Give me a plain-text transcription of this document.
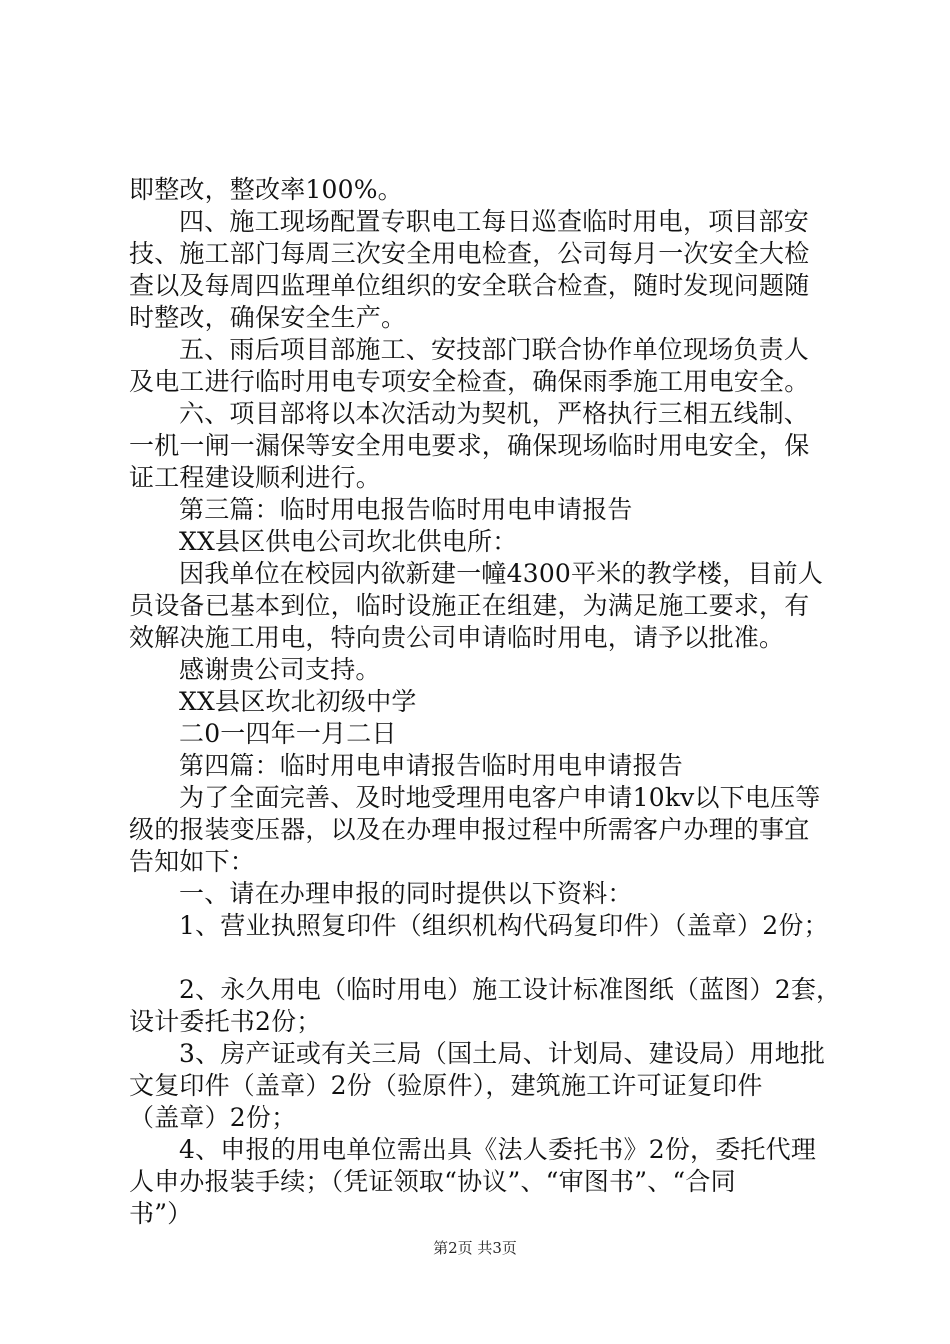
即整改，整改率100%。
四、施工现场配置专职电工每日巡查临时用电，项目部安
技、施工部门每周三次安全用电检查，公司每月一次安全大检
查以及每周四监理单位组织的安全联合检查，随时发现问题随
时整改，确保安全生产。
五、雨后项目部施工、安技部门联合协作单位现场负责人
及电工进行临时用电专项安全检查，确保雨季施工用电安全。
六、项目部将以本次活动为契机，严格执行三相五线制、
一机一闸一漏保等安全用电要求，确保现场临时用电安全，保
证工程建设顺利进行。
第三篇：临时用电报告临时用电申请报告
XX县区供电公司坎北供电所：
因我单位在校园内欲新建一幢4300平米的教学楼，目前人
员设备已基本到位，临时设施正在组建，为满足施工要求，有
效解决施工用电，特向贵公司申请临时用电，请予以批准。
感谢贵公司支持。
XX县区坎北初级中学
二0一四年一月二日
第四篇：临时用电申请报告临时用电申请报告
为了全面完善、及时地受理用电客户申请10kv以下电压等
级的报装变压器，以及在办理申报过程中所需客户办理的事宜
告知如下：
一、请在办理申报的同时提供以下资料：
1、营业执照复印件（组织机构代码复印件）（盖章）2份；
2、永久用电（临时用电）施工设计标准图纸（蓝图）2套，
设计委托书2份；
3、房产证或有关三局（国土局、计划局、建设局）用地批
文复印件（盖章）2份（验原件），建筑施工许可证复印件
（盖章）2份；
4、申报的用电单位需出具《法人委托书》2份，委托代理
人申办报装手续；（凭证领取“协议”、“审图书”、“合同
书”）
第2页 共3页
